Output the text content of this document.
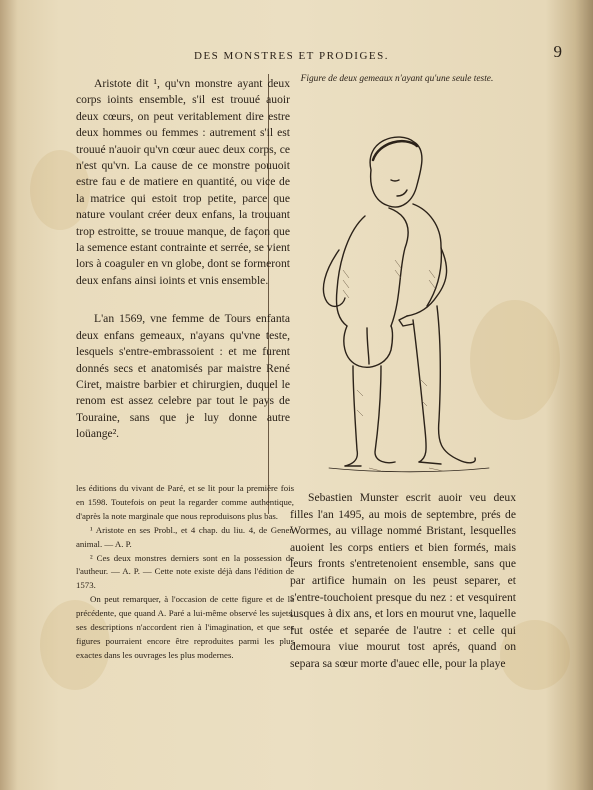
DES MONSTRES ET PRODIGES.	9

Aristote dit ¹, qu'vn monstre ayant deux corps ioints ensemble, s'il est trouué auoir deux cœurs, on peut veritablement dire estre deux hommes ou femmes : autrement s'il est trouué n'auoir qu'vn cœur auec deux corps, ce n'est qu'vn. La cause de ce monstre pouuoit estre fau e de matiere en quantité, ou vice de la matrice qui estoit trop petite, parce que nature voulant créer deux enfans, la trouuant trop estroitte, se trouue manque, de façon que la semence estant contrainte et serrée, se vient lors à coaguler en vn globe, dont se formeront deux enfans ainsi ioints et vnis ensemble.

L'an 1569, vne femme de Tours enfanta deux enfans gemeaux, n'ayans qu'vne teste, lesquels s'entre-embrassoient : et me furent donnés secs et anatomisés par maistre René Ciret, maistre barbier et chirurgien, duquel le renom est assez celebre par tout le pays de Touraine, sans que je luy donne autre loüange².

les éditions du vivant de Paré, et se lit pour la première fois en 1598. Toutefois on peut la regarder comme authentique, d'après la note marginale que nous reproduisons plus bas.

¹ Aristote en ses Probl., et 4 chap. du liu. 4, de Gener. animal. — A. P.

² Ces deux monstres derniers sont en la possession de l'autheur. — A. P. — Cette note existe déjà dans l'édition de 1573.

On peut remarquer, à l'occasion de cette figure et de la précédente, que quand A. Paré a lui-même observé les sujets, ses descriptions n'accordent rien à l'imagination, et que ses figures pourraient encore être reproduites parmi les plus exactes dans les ouvrages les plus modernes.

Figure de deux gemeaux n'ayant qu'une seule teste.

Sebastien Munster escrit auoir veu deux filles l'an 1495, au mois de septembre, prés de Wormes, au village nommé Bristant, lesquelles auoient les corps entiers et bien formés, mais leurs fronts s'entretenoient ensemble, sans que par artifice humain on les peust separer, et s'entre-touchoient presque du nez : et vesquirent iusques à dix ans, et lors en mourut vne, laquelle fut ostée et separée de l'autre : et celle qui demoura viue mourut tost aprés, quand on separa sa sœur morte d'auec elle, pour la playe
